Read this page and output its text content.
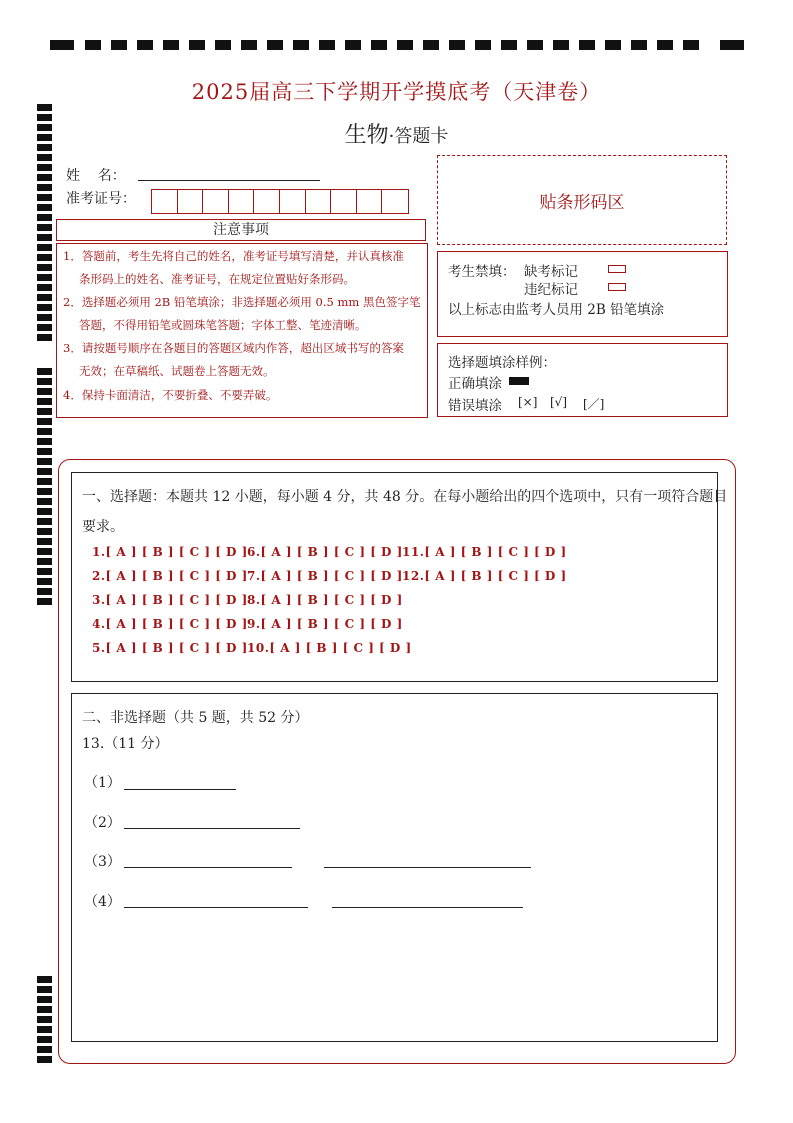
2025届高三下学期开学摸底考（天津卷）
生物·答题卡
姓    名：
准考证号：	贴条形码区
注意事项
1．答题前，考生先将自己的姓名，准考证号填写清楚，并认真核准
条形码上的姓名、准考证号，在规定位置贴好条形码。
2．选择题必须用 2B 铅笔填涂；非选择题必须用 0.5 mm 黑色签字笔
答题，不得用铅笔或圆珠笔答题；字体工整、笔迹清晰。
3．请按题号顺序在各题目的答题区域内作答，超出区域书写的答案
无效；在草稿纸、试题卷上答题无效。
4．保持卡面清洁，不要折叠、不要弄破。
考生禁填： 缺考标记
违纪标记
以上标志由监考人员用 2B 铅笔填涂
选择题填涂样例：
正确填涂
错误填涂 [×] [√] [／]
一、选择题：本题共 12 小题，每小题 4 分，共 48 分。在每小题给出的四个选项中，只有一项符合题目
要求。
1.[ A ] [ B ] [ C ] [ D ]
2.[ A ] [ B ] [ C ] [ D ]
3.[ A ] [ B ] [ C ] [ D ]
4.[ A ] [ B ] [ C ] [ D ]
5.[ A ] [ B ] [ C ] [ D ]
6.[ A ] [ B ] [ C ] [ D ]
7.[ A ] [ B ] [ C ] [ D ]
8.[ A ] [ B ] [ C ] [ D ]
9.[ A ] [ B ] [ C ] [ D ]
10.[ A ] [ B ] [ C ] [ D ]
11.[ A ] [ B ] [ C ] [ D ]
12.[ A ] [ B ] [ C ] [ D ]
二、非选择题（共 5 题，共 52 分）
13.（11 分）
（1）
（2）
（3）
（4）
